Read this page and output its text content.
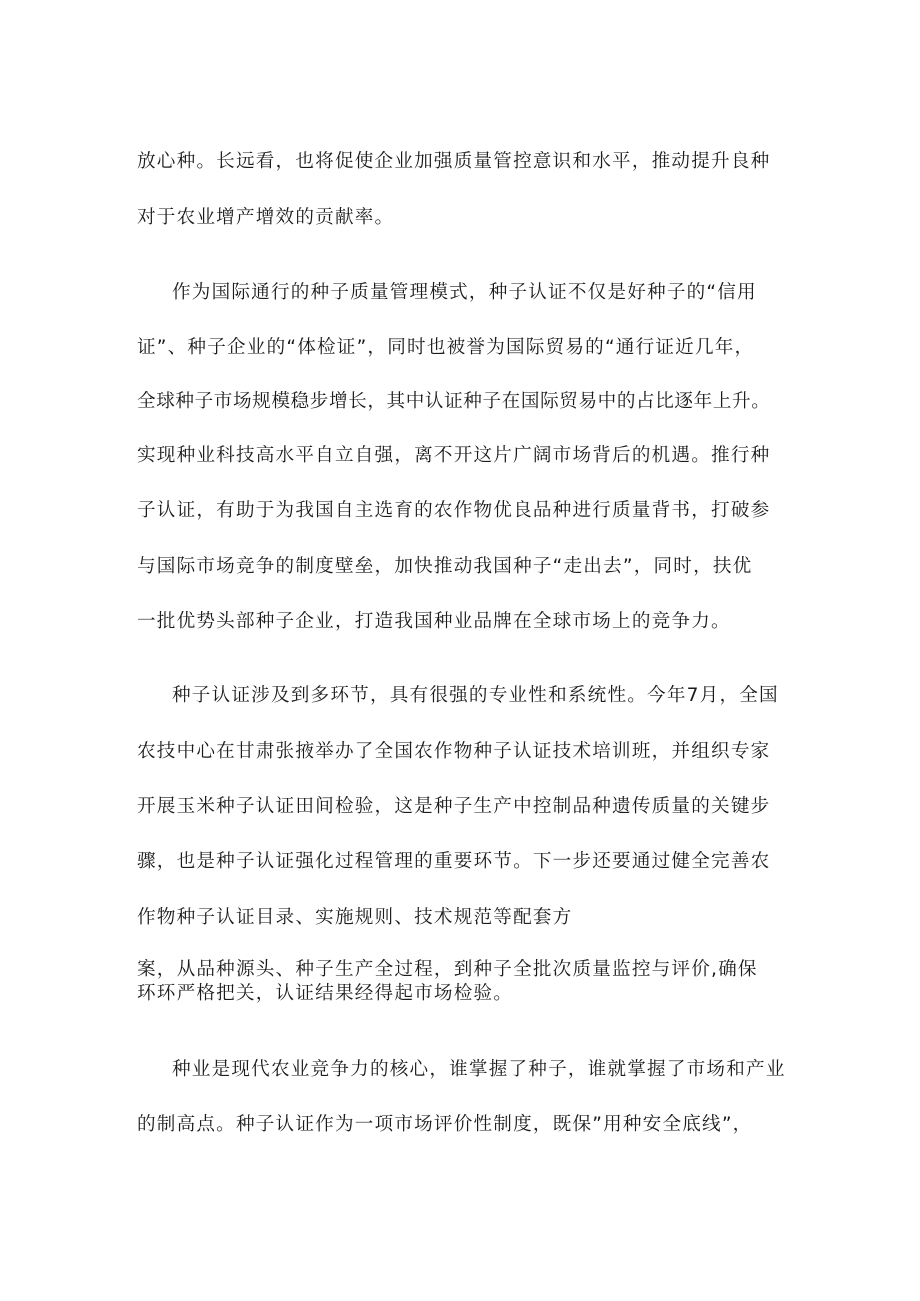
放心种。长远看，也将促使企业加强质量管控意识和水平，推动提升良种
对于农业增产增效的贡献率。
作为国际通行的种子质量管理模式，种子认证不仅是好种子的“信用
证”、种子企业的“体检证”，同时也被誉为国际贸易的“通行证近几年，
全球种子市场规模稳步增长，其中认证种子在国际贸易中的占比逐年上升。
实现种业科技高水平自立自强，离不开这片广阔市场背后的机遇。推行种
子认证，有助于为我国自主选育的农作物优良品种进行质量背书，打破参
与国际市场竞争的制度壁垒，加快推动我国种子“走出去”，同时，扶优
一批优势头部种子企业，打造我国种业品牌在全球市场上的竞争力。
种子认证涉及到多环节，具有很强的专业性和系统性。今年7月，全国
农技中心在甘肃张掖举办了全国农作物种子认证技术培训班，并组织专家
开展玉米种子认证田间检验，这是种子生产中控制品种遗传质量的关键步
骤，也是种子认证强化过程管理的重要环节。下一步还要通过健全完善农
作物种子认证目录、实施规则、技术规范等配套方
案，从品种源头、种子生产全过程，到种子全批次质量监控与评价,确保
环环严格把关，认证结果经得起市场检验。
种业是现代农业竞争力的核心，谁掌握了种子，谁就掌握了市场和产业
的制高点。种子认证作为一项市场评价性制度，既保”用种安全底线”，
